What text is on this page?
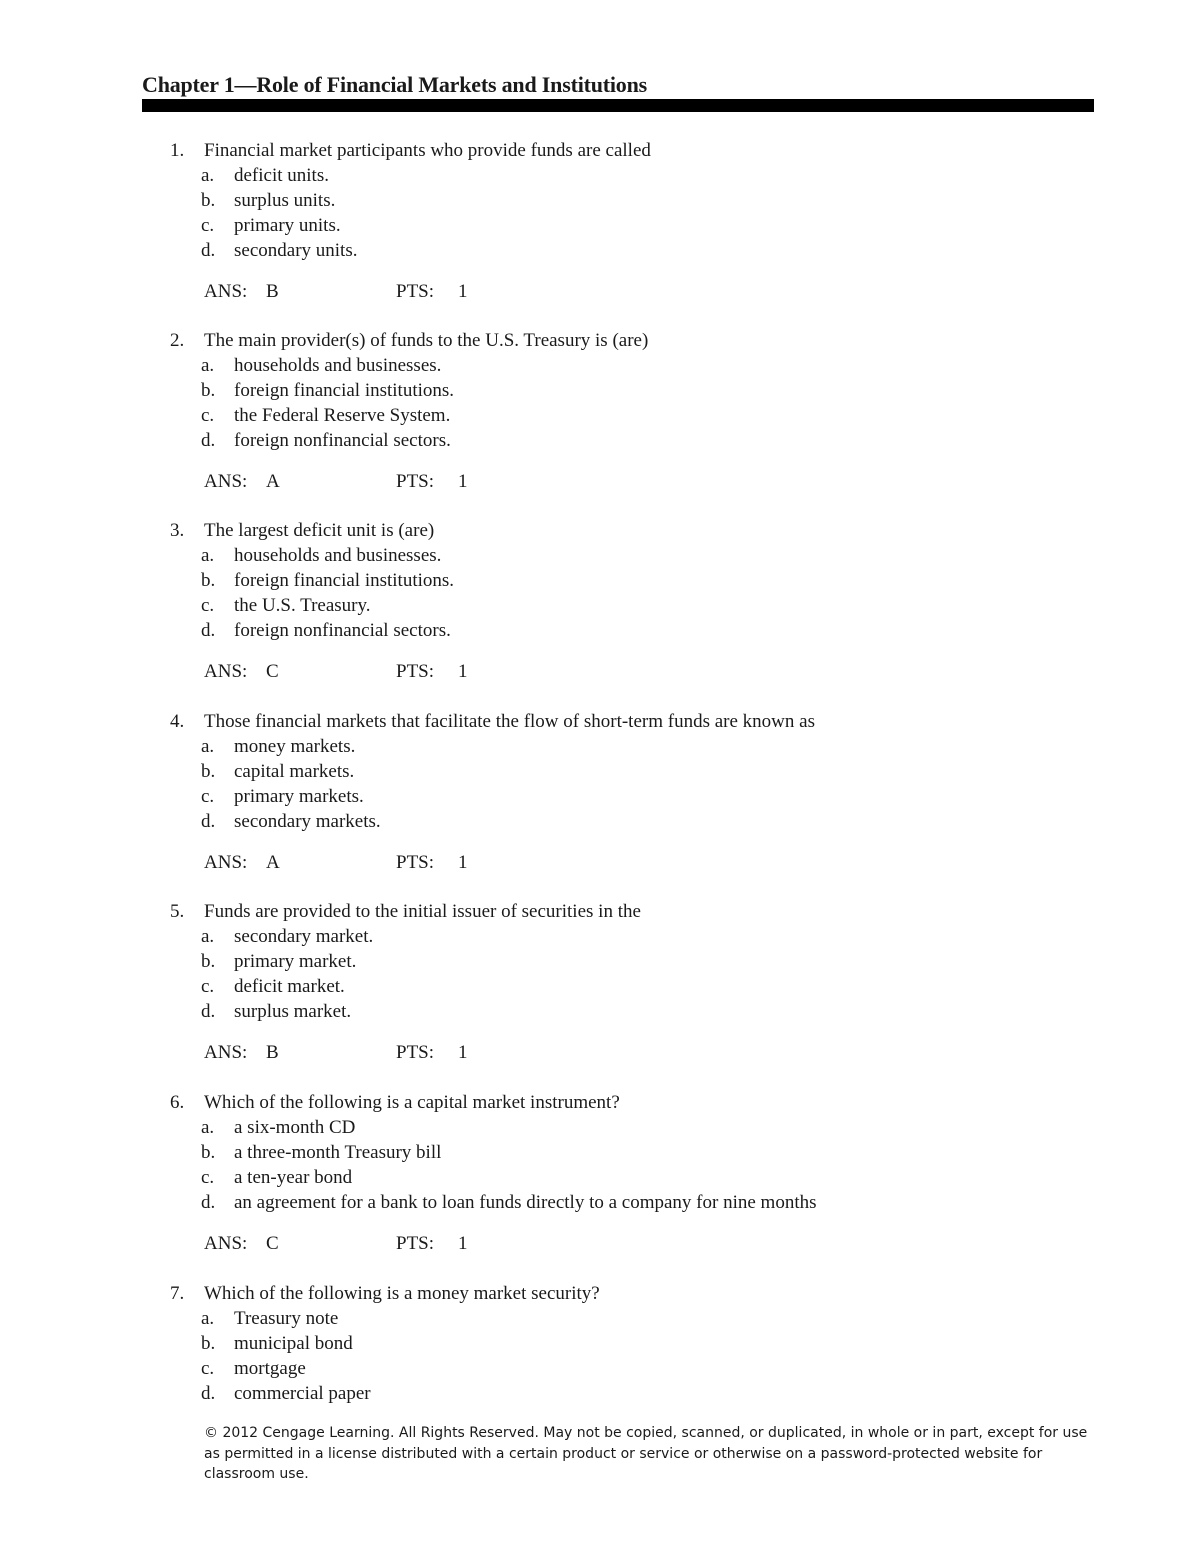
Chapter 1—Role of Financial Markets and Institutions
1. Financial market participants who provide funds are called
a. deficit units.
b. surplus units.
c. primary units.
d. secondary units.
ANS: B	PTS: 1
2. The main provider(s) of funds to the U.S. Treasury is (are)
a. households and businesses.
b. foreign financial institutions.
c. the Federal Reserve System.
d. foreign nonfinancial sectors.
ANS: A	PTS: 1
3. The largest deficit unit is (are)
a. households and businesses.
b. foreign financial institutions.
c. the U.S. Treasury.
d. foreign nonfinancial sectors.
ANS: C	PTS: 1
4. Those financial markets that facilitate the flow of short-term funds are known as
a. money markets.
b. capital markets.
c. primary markets.
d. secondary markets.
ANS: A	PTS: 1
5. Funds are provided to the initial issuer of securities in the
a. secondary market.
b. primary market.
c. deficit market.
d. surplus market.
ANS: B	PTS: 1
6. Which of the following is a capital market instrument?
a. a six-month CD
b. a three-month Treasury bill
c. a ten-year bond
d. an agreement for a bank to loan funds directly to a company for nine months
ANS: C	PTS: 1
7. Which of the following is a money market security?
a. Treasury note
b. municipal bond
c. mortgage
d. commercial paper
© 2012 Cengage Learning. All Rights Reserved. May not be copied, scanned, or duplicated, in whole or in part, except for use as permitted in a license distributed with a certain product or service or otherwise on a password-protected website for classroom use.
